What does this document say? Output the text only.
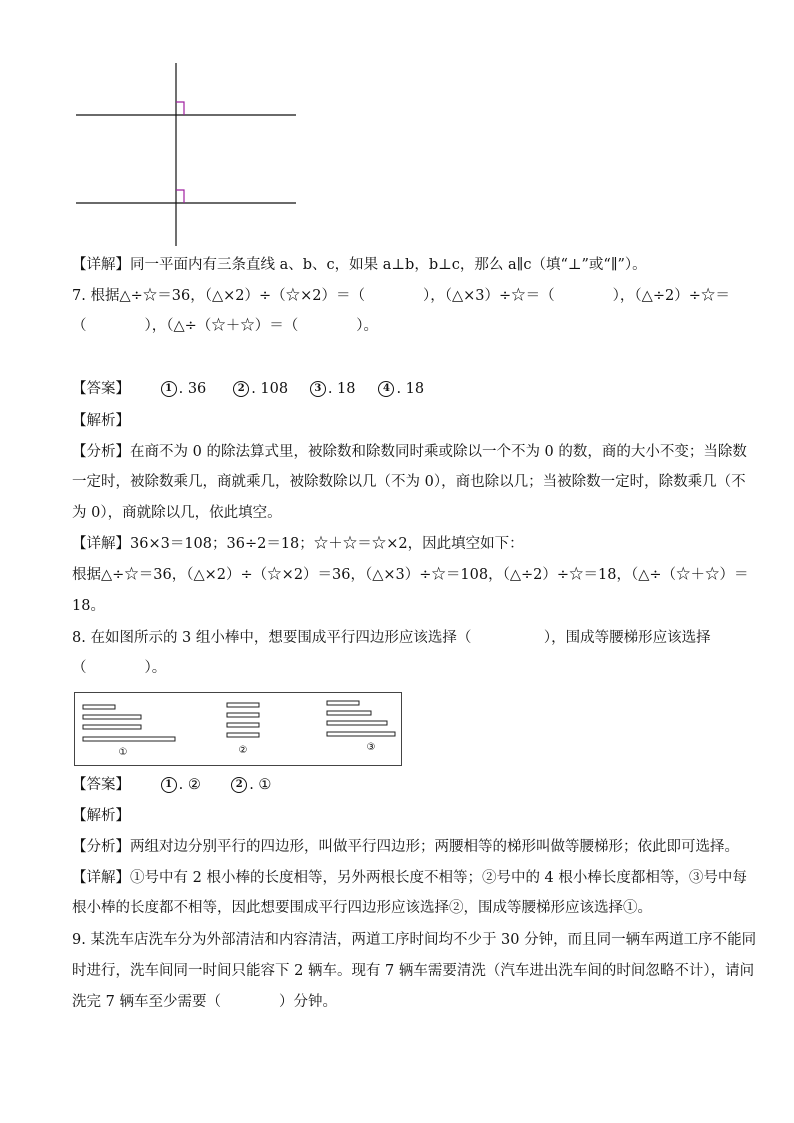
【详解】同一平面内有三条直线 a、b、c，如果 a⊥b，b⊥c，那么 a∥c（填“⊥”或“∥”）。
7. 根据△÷☆＝36，（△×2）÷（☆×2）＝（　　　　），（△×3）÷☆＝（　　　　），（△÷2）÷☆＝
（　　　　），（△÷（☆＋☆）＝（　　　　）。
【答案】	1 . 36	2 . 108	3 . 18	4 . 18
【解析】
【分析】在商不为 0 的除法算式里，被除数和除数同时乘或除以一个不为 0 的数，商的大小不变；当除数
一定时，被除数乘几，商就乘几，被除数除以几（不为 0），商也除以几；当被除数一定时，除数乘几（不
为 0），商就除以几，依此填空。
【详解】36×3＝108；36÷2＝18；☆＋☆＝☆×2，因此填空如下：
根据△÷☆＝36，（△×2）÷（☆×2）＝36，（△×3）÷☆＝108，（△÷2）÷☆＝18，（△÷（☆＋☆）＝
18。
8. 在如图所示的 3 组小棒中，想要围成平行四边形应该选择（　　　　　），围成等腰梯形应该选择
（　　　　）。
①	②	③
【答案】	1 . ②	2 . ①
【解析】
【分析】两组对边分别平行的四边形，叫做平行四边形；两腰相等的梯形叫做等腰梯形；依此即可选择。
【详解】①号中有 2 根小棒的长度相等，另外两根长度不相等；②号中的 4 根小棒长度都相等，③号中每
根小棒的长度都不相等，因此想要围成平行四边形应该选择②，围成等腰梯形应该选择①。
9. 某洗车店洗车分为外部清洁和内容清洁，两道工序时间均不少于 30 分钟，而且同一辆车两道工序不能同
时进行，洗车间同一时间只能容下 2 辆车。现有 7 辆车需要清洗（汽车进出洗车间的时间忽略不计），请问
洗完 7 辆车至少需要（　　　　）分钟。
